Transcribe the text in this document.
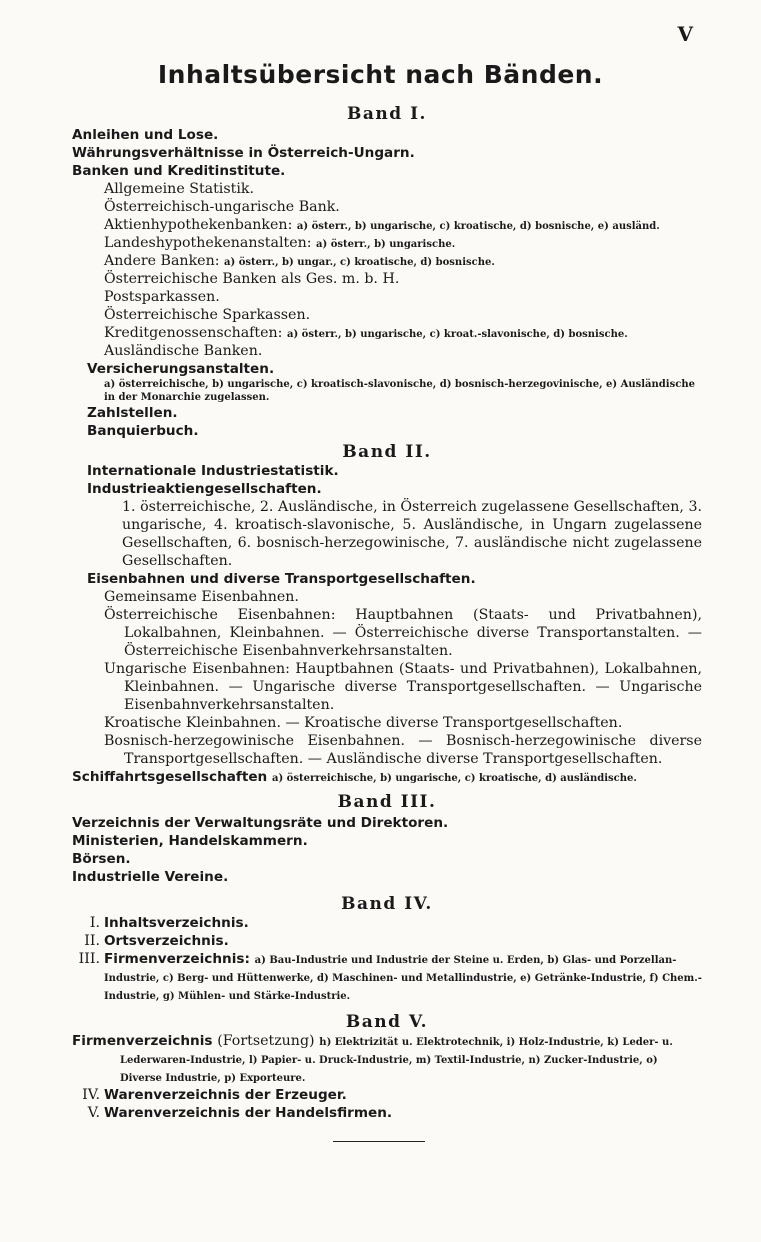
V
Inhaltsübersicht nach Bänden.
Band I.
Anleihen und Lose.
Währungsverhältnisse in Österreich-Ungarn.
Banken und Kreditinstitute.
Allgemeine Statistik.
Österreichisch-ungarische Bank.
Aktienhypothekenbanken: a) österr., b) ungarische, c) kroatische, d) bosnische, e) ausländ.
Landeshypothekenanstalten: a) österr., b) ungarische.
Andere Banken: a) österr., b) ungar., c) kroatische, d) bosnische.
Österreichische Banken als Ges. m. b. H.
Postsparkassen.
Österreichische Sparkassen.
Kreditgenossenschaften: a) österr., b) ungarische, c) kroat.-slavonische, d) bosnische.
Ausländische Banken.
Versicherungsanstalten.
a) österreichische, b) ungarische, c) kroatisch-slavonische, d) bosnisch-herzegovinische, e) Ausländische in der Monarchie zugelassen.
Zahlstellen.
Banquierbuch.
Band II.
Internationale Industriestatistik.
Industrieaktiengesellschaften.
1. österreichische, 2. Ausländische, in Österreich zugelassene Gesellschaften, 3. ungarische, 4. kroatisch-slavonische, 5. Ausländische, in Ungarn zugelassene Gesellschaften, 6. bosnisch-herzegowinische, 7. ausländische nicht zugelassene Gesellschaften.
Eisenbahnen und diverse Transportgesellschaften.
Gemeinsame Eisenbahnen.
Österreichische Eisenbahnen: Hauptbahnen (Staats- und Privatbahnen), Lokalbahnen, Kleinbahnen. — Österreichische diverse Transportanstalten. — Österreichische Eisenbahnverkehrsanstalten.
Ungarische Eisenbahnen: Hauptbahnen (Staats- und Privatbahnen), Lokalbahnen, Kleinbahnen. — Ungarische diverse Transportgesellschaften. — Ungarische Eisenbahnverkehrsanstalten.
Kroatische Kleinbahnen. — Kroatische diverse Transportgesellschaften.
Bosnisch-herzegowinische Eisenbahnen. — Bosnisch-herzegowinische diverse Transportgesellschaften. — Ausländische diverse Transportgesellschaften.
Schiffahrtsgesellschaften a) österreichische, b) ungarische, c) kroatische, d) ausländische.
Band III.
Verzeichnis der Verwaltungsräte und Direktoren.
Ministerien, Handelskammern.
Börsen.
Industrielle Vereine.
Band IV.
I. Inhaltsverzeichnis.
II. Ortsverzeichnis.
III. Firmenverzeichnis: a) Bau-Industrie und Industrie der Steine u. Erden, b) Glas- und Porzellan-Industrie, c) Berg- und Hüttenwerke, d) Maschinen- und Metallindustrie, e) Getränke-Industrie, f) Chem.-Industrie, g) Mühlen- und Stärke-Industrie.
Band V.
Firmenverzeichnis (Fortsetzung) h) Elektrizität u. Elektrotechnik, i) Holz-Industrie, k) Leder- u. Lederwaren-Industrie, l) Papier- u. Druck-Industrie, m) Textil-Industrie, n) Zucker-Industrie, o) Diverse Industrie, p) Exporteure.
IV. Warenverzeichnis der Erzeuger.
V. Warenverzeichnis der Handelsfirmen.
